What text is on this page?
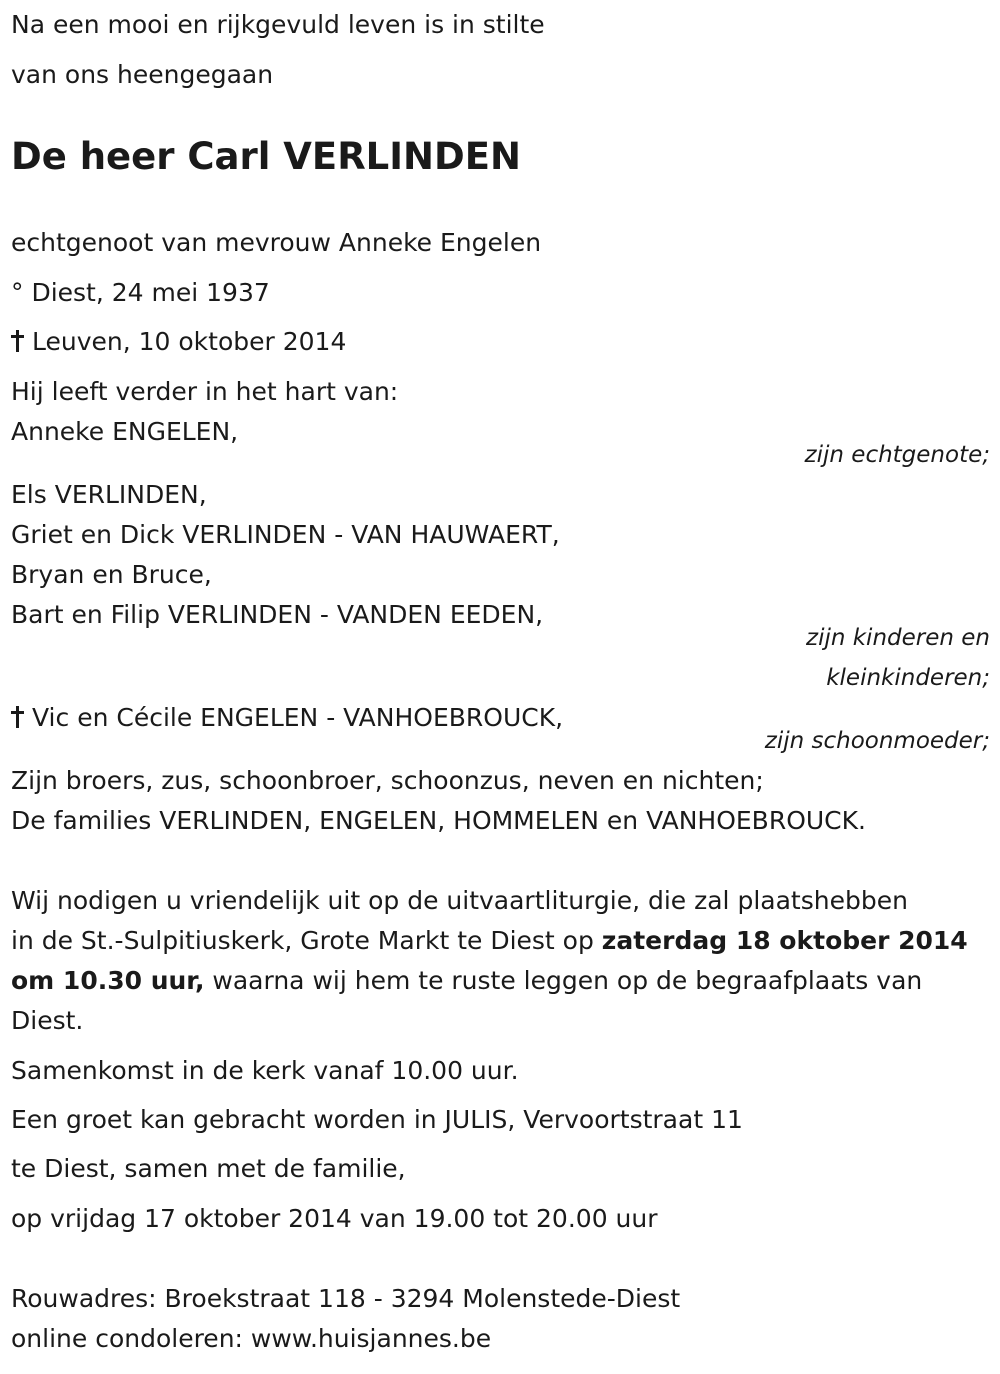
Na een mooi en rijkgevuld leven is in stilte

van ons heengegaan

De heer Carl VERLINDEN

echtgenoot van mevrouw Anneke Engelen

° Diest, 24 mei 1937

Leuven, 10 oktober 2014

Hij leeft verder in het hart van:

Anneke ENGELEN,

zijn echtgenote;

Els VERLINDEN,

Griet en Dick VERLINDEN - VAN HAUWAERT,

Bryan en Bruce,

Bart en Filip VERLINDEN - VANDEN EEDEN,

zijn kinderen en
kleinkinderen;

Vic en Cécile ENGELEN - VANHOEBROUCK,

zijn schoonmoeder;

Zijn broers, zus, schoonbroer, schoonzus, neven en nichten;

De families VERLINDEN, ENGELEN, HOMMELEN en VANHOEBROUCK.

Wij nodigen u vriendelijk uit op de uitvaartliturgie, die zal plaatshebben

in de St.-Sulpitiuskerk, Grote Markt te Diest op zaterdag 18 oktober 2014

om 10.30 uur, waarna wij hem te ruste leggen op de begraafplaats van

Diest.

Samenkomst in de kerk vanaf 10.00 uur.

Een groet kan gebracht worden in JULIS, Vervoortstraat 11

te Diest, samen met de familie,

op vrijdag 17 oktober 2014 van 19.00 tot 20.00 uur

Rouwadres: Broekstraat 118 - 3294 Molenstede-Diest

online condoleren: www.huisjannes.be
